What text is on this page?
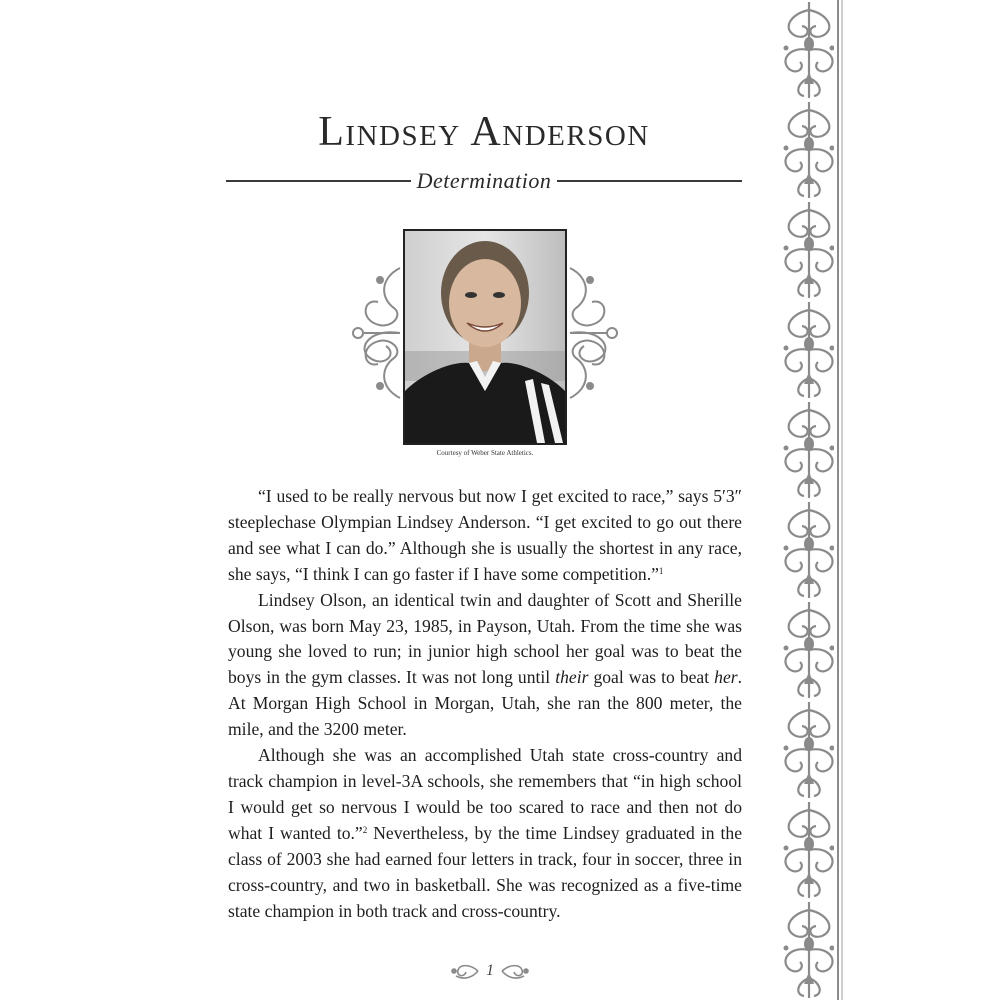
Lindsey Anderson
Determination
Courtesy of Weber State Athletics.

“I used to be really nervous but now I get excited to race,” says 5′3″ steeplechase Olympian Lindsey Anderson. “I get excited to go out there and see what I can do.” Although she is usually the shortest in any race, she says, “I think I can go faster if I have some competition.”$^1$

Lindsey Olson, an identical twin and daughter of Scott and Sherille Olson, was born May 23, 1985, in Payson, Utah. From the time she was young she loved to run; in junior high school her goal was to beat the boys in the gym classes. It was not long until their goal was to beat her. At Morgan High School in Morgan, Utah, she ran the 800 meter, the mile, and the 3200 meter.

Although she was an accomplished Utah state cross-country and track champion in level-3A schools, she remembers that “in high school I would get so nervous I would be too scared to race and then not do what I wanted to.”$^2$ Nevertheless, by the time Lindsey graduated in the class of 2003 she had earned four letters in track, four in soccer, three in cross-country, and two in basketball. She was recognized as a five-time state champion in both track and cross-country.

1
